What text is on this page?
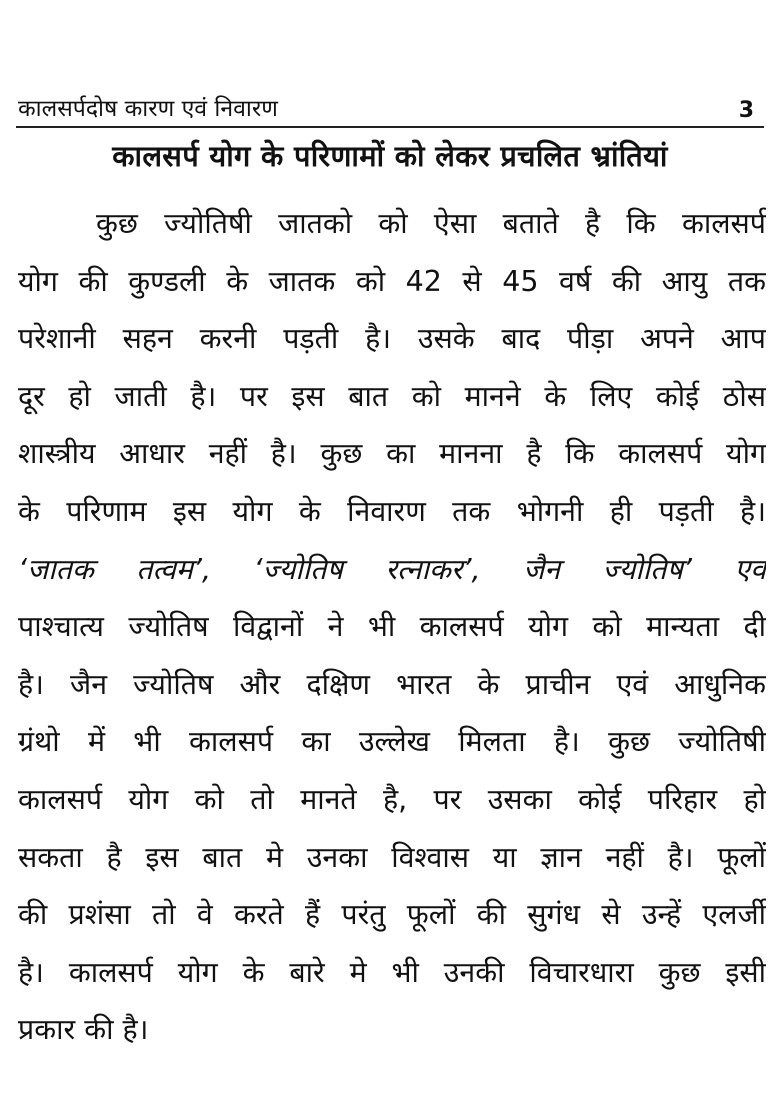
कालसर्पदोष कारण एवं निवारण	3
कालसर्प योग के परिणामों को लेकर प्रचलित भ्रांतियां
कुछ ज्योतिषी जातको को ऐसा बताते है कि कालसर्प
योग की कुण्डली के जातक को 42 से 45 वर्ष की आयु तक
परेशानी सहन करनी पड़ती है। उसके बाद पीड़ा अपने आप
दूर हो जाती है। पर इस बात को मानने के लिए कोई ठोस
शास्त्रीय आधार नहीं है। कुछ का मानना है कि कालसर्प योग
के परिणाम इस योग के निवारण तक भोगनी ही पड़ती है।
‘जातक तत्वम’, ‘ज्योतिष रत्नाकर’, जैन ज्योतिष’ एवं
पाश्चात्य ज्योतिष विद्वानों ने भी कालसर्प योग को मान्यता दी
है। जैन ज्योतिष और दक्षिण भारत के प्राचीन एवं आधुनिक
ग्रंथो में भी कालसर्प का उल्लेख मिलता है। कुछ ज्योतिषी
कालसर्प योग को तो मानते है, पर उसका कोई परिहार हो
सकता है इस बात मे उनका विश्वास या ज्ञान नहीं है। फूलों
की प्रशंसा तो वे करते हैं परंतु फूलों की सुगंध से उन्हें एलर्जी
है। कालसर्प योग के बारे मे भी उनकी विचारधारा कुछ इसी
प्रकार की है।
